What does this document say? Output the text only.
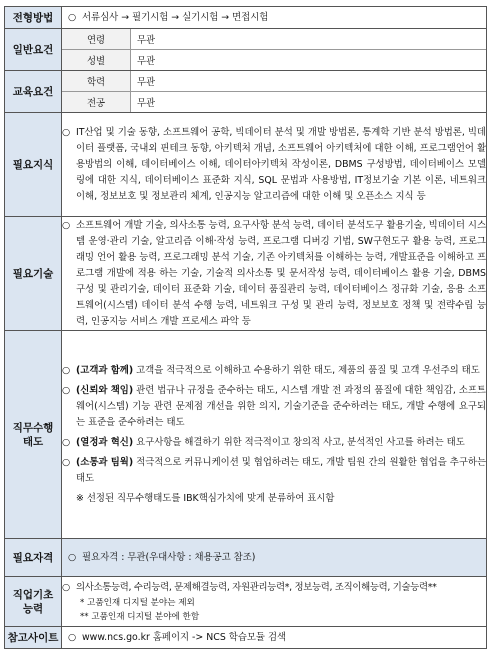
전형방법	○ 서류심사 → 필기시험 → 실기시험 → 면접시험

일반요건	
연령	무관
성별	무관

교육요건	
학력	무관
전공	무관

필요지식	
○ IT산업 및 기술 동향, 소프트웨어 공학, 빅데이터 분석 및 개발 방법론, 통계학 기반 분석 방법론, 빅데이터 플랫폼, 국내외 핀테크 동향, 아키텍처 개념, 소프트웨어 아키텍처에 대한 이해, 프로그램언어 활용방법의 이해, 데이터베이스 이해, 데이터아키텍처 작성이론, DBMS 구성방법, 데이터베이스 모델링에 대한 지식, 데이터베이스 표준화 지식, SQL 문법과 사용방법, IT정보기술 기본 이론, 네트워크 이해, 정보보호 및 정보관리 체계, 인공지능 알고리즘에 대한 이해 및 오픈소스 지식 등

필요기술	
○ 소프트웨어 개발 기술, 의사소통 능력, 요구사항 분석 능력, 데이터 분석도구 활용기술, 빅데이터 시스템 운영·관리 기술, 알고리즘 이해·작성 능력, 프로그램 디버깅 기법, SW구현도구 활용 능력, 프로그래밍 언어 활용 능력, 프로그래밍 분석 기술, 기존 아키텍처를 이해하는 능력, 개발표준을 이해하고 프로그램 개발에 적용 하는 기술, 기술적 의사소통 및 문서작성 능력, 데이터베이스 활용 기술, DBMS 구성 및 관리기술, 데이터 표준화 기술, 데이터 품질관리 능력, 데이터베이스 정규화 기술, 응용 소프트웨어(시스템) 데이터 분석 수행 능력, 네트워크 구성 및 관리 능력, 정보보호 정책 및 전략수립 능력, 인공지능 서비스 개발 프로세스 파악 등

직무수행
태도	
○ (고객과 함께) 고객을 적극적으로 이해하고 수용하기 위한 태도, 제품의 품질 및 고객 우선주의 태도
○ (신뢰와 책임) 관련 법규나 규정을 준수하는 태도, 시스템 개발 전 과정의 품질에 대한 책임감, 소프트웨어(시스템) 기능 관련 문제점 개선을 위한 의지, 기술기준을 준수하려는 태도, 개발 수행에 요구되는 표준을 준수하려는 태도
○ (열정과 혁신) 요구사항을 해결하기 위한 적극적이고 창의적 사고, 분석적인 사고를 하려는 태도
○ (소통과 팀웍) 적극적으로 커뮤니케이션 및 협업하려는 태도, 개발 팀원 간의 원활한 협업을 추구하는 태도
※ 선정된 직무수행태도를 IBK핵심가치에 맞게 분류하여 표시함

필요자격	○ 필요자격 : 무관(우대사항 : 채용공고 참조)

직업기초
능력	
○ 의사소통능력, 수리능력, 문제해결능력, 자원관리능력*, 정보능력, 조직이해능력, 기술능력**
* 고품인재 디지털 분야는 제외
** 고품인재 디지털 분야에 한함

참고사이트	○ www.ncs.go.kr 홈페이지 -> NCS 학습모듈 검색
